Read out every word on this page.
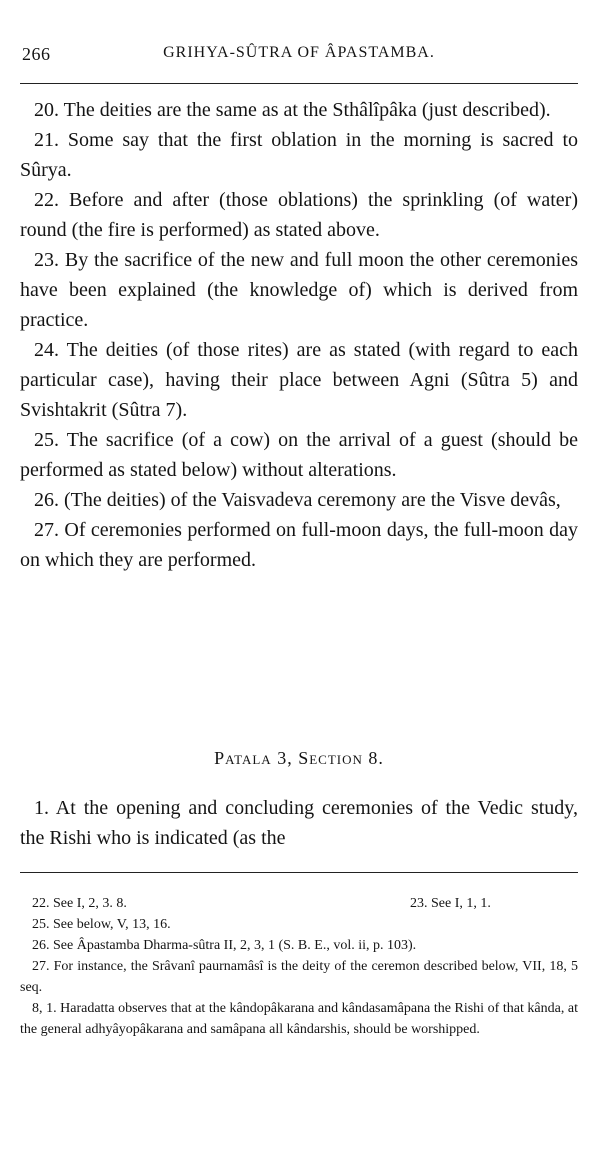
266	GRIHYA-SÛTRA OF ÂPASTAMBA.

20. The deities are the same as at the Sthâlîpâka (just described).

21. Some say that the first oblation in the morning is sacred to Sûrya.

22. Before and after (those oblations) the sprinkling (of water) round (the fire is performed) as stated above.

23. By the sacrifice of the new and full moon the other ceremonies have been explained (the knowledge of) which is derived from practice.

24. The deities (of those rites) are as stated (with regard to each particular case), having their place between Agni (Sûtra 5) and Svishtakrit (Sûtra 7).

25. The sacrifice (of a cow) on the arrival of a guest (should be performed as stated below) without alterations.

26. (The deities) of the Vaisvadeva ceremony are the Visve devâs,

27. Of ceremonies performed on full-moon days, the full-moon day on which they are performed.

Patala 3, Section 8.

1. At the opening and concluding ceremonies of the Vedic study, the Rishi who is indicated (as the

22. See I, 2, 3. 8.	23. See I, 1, 1.

25. See below, V, 13, 16.

26. See Âpastamba Dharma-sûtra II, 2, 3, 1 (S. B. E., vol. ii, p. 103).

27. For instance, the Srâvanî paurnamâsî is the deity of the ceremon described below, VII, 18, 5 seq.

8, 1. Haradatta observes that at the kândopâkarana and kândasamâpana the Rishi of that kânda, at the general adhyâyopâkarana and samâpana all kândarshis, should be worshipped.
